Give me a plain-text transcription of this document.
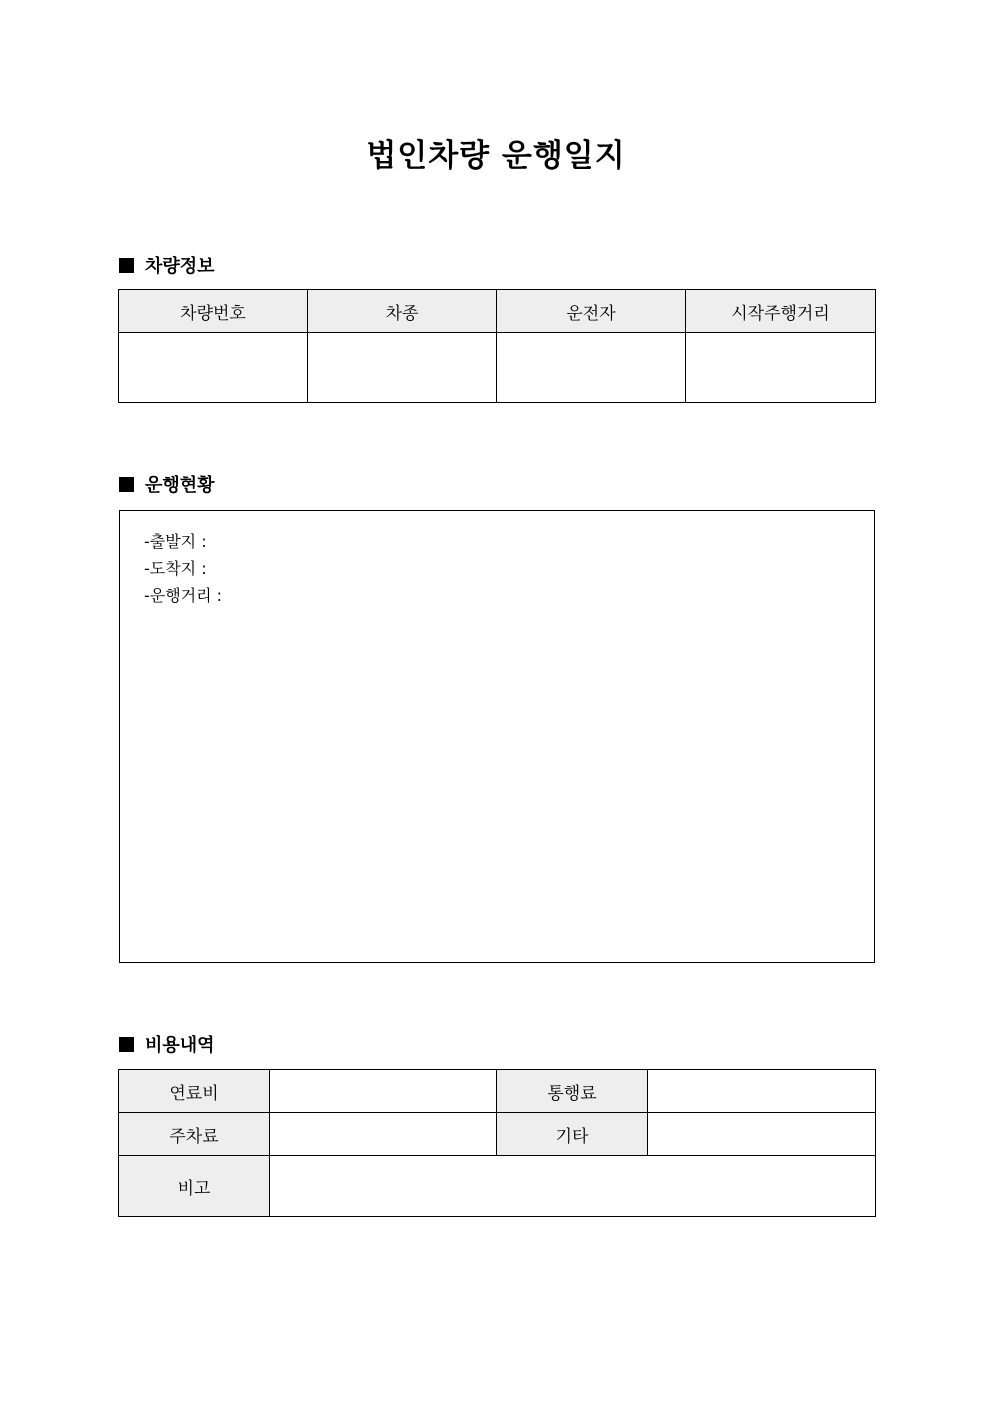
법인차량 운행일지
차량정보
차량번호	차종	운전자	시작주행거리

운행현황
-출발지 :
-도착지 :
-운행거리 :
비용내역
연료비		통행료	
주차료		기타	
비고			
